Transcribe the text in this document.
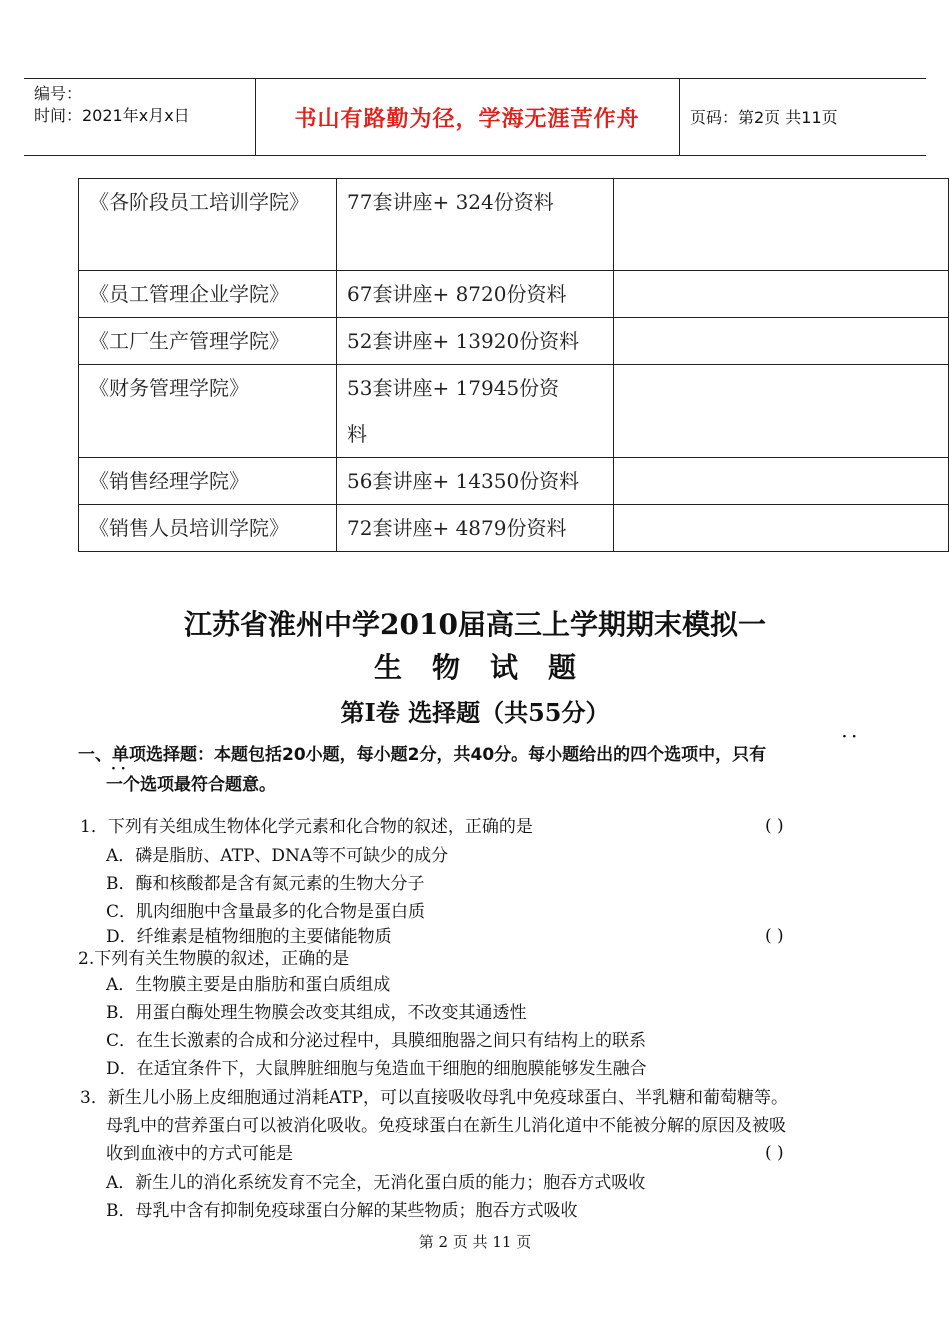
编号：
时间：2021年x月x日	书山有路勤为径，学海无涯苦作舟	页码：第2页 共11页
《各阶段员工培训学院》	77套讲座+ 324份资料	
《员工管理企业学院》	67套讲座+ 8720份资料	
《工厂生产管理学院》	52套讲座+ 13920份资料	
《财务管理学院》	53套讲座+ 17945份资料	
《销售经理学院》	56套讲座+ 14350份资料	
《销售人员培训学院》	72套讲座+ 4879份资料	
江苏省淮州中学2010届高三上学期期末模拟一
生物试题
第Ⅰ卷 选择题（共55分）
一、单项选择题：本题包括20小题，每小题2分，共40分。每小题给出的四个选项中，只有
一个选项最符合题意。
· ·
· ·
1．下列有关组成生物体化学元素和化合物的叙述，正确的是	( )
A．磷是脂肪、ATP、DNA等不可缺少的成分
B．酶和核酸都是含有氮元素的生物大分子
C．肌肉细胞中含量最多的化合物是蛋白质
D．纤维素是植物细胞的主要储能物质	( )
2.下列有关生物膜的叙述，正确的是
A．生物膜主要是由脂肪和蛋白质组成
B．用蛋白酶处理生物膜会改变其组成，不改变其通透性
C．在生长激素的合成和分泌过程中，具膜细胞器之间只有结构上的联系
D．在适宜条件下，大鼠脾脏细胞与兔造血干细胞的细胞膜能够发生融合
3．新生儿小肠上皮细胞通过消耗ATP，可以直接吸收母乳中免疫球蛋白、半乳糖和葡萄糖等。
母乳中的营养蛋白可以被消化吸收。免疫球蛋白在新生儿消化道中不能被分解的原因及被吸
收到血液中的方式可能是	( )
A．新生儿的消化系统发育不完全，无消化蛋白质的能力；胞吞方式吸收
B．母乳中含有抑制免疫球蛋白分解的某些物质；胞吞方式吸收
第 2 页 共 11 页
